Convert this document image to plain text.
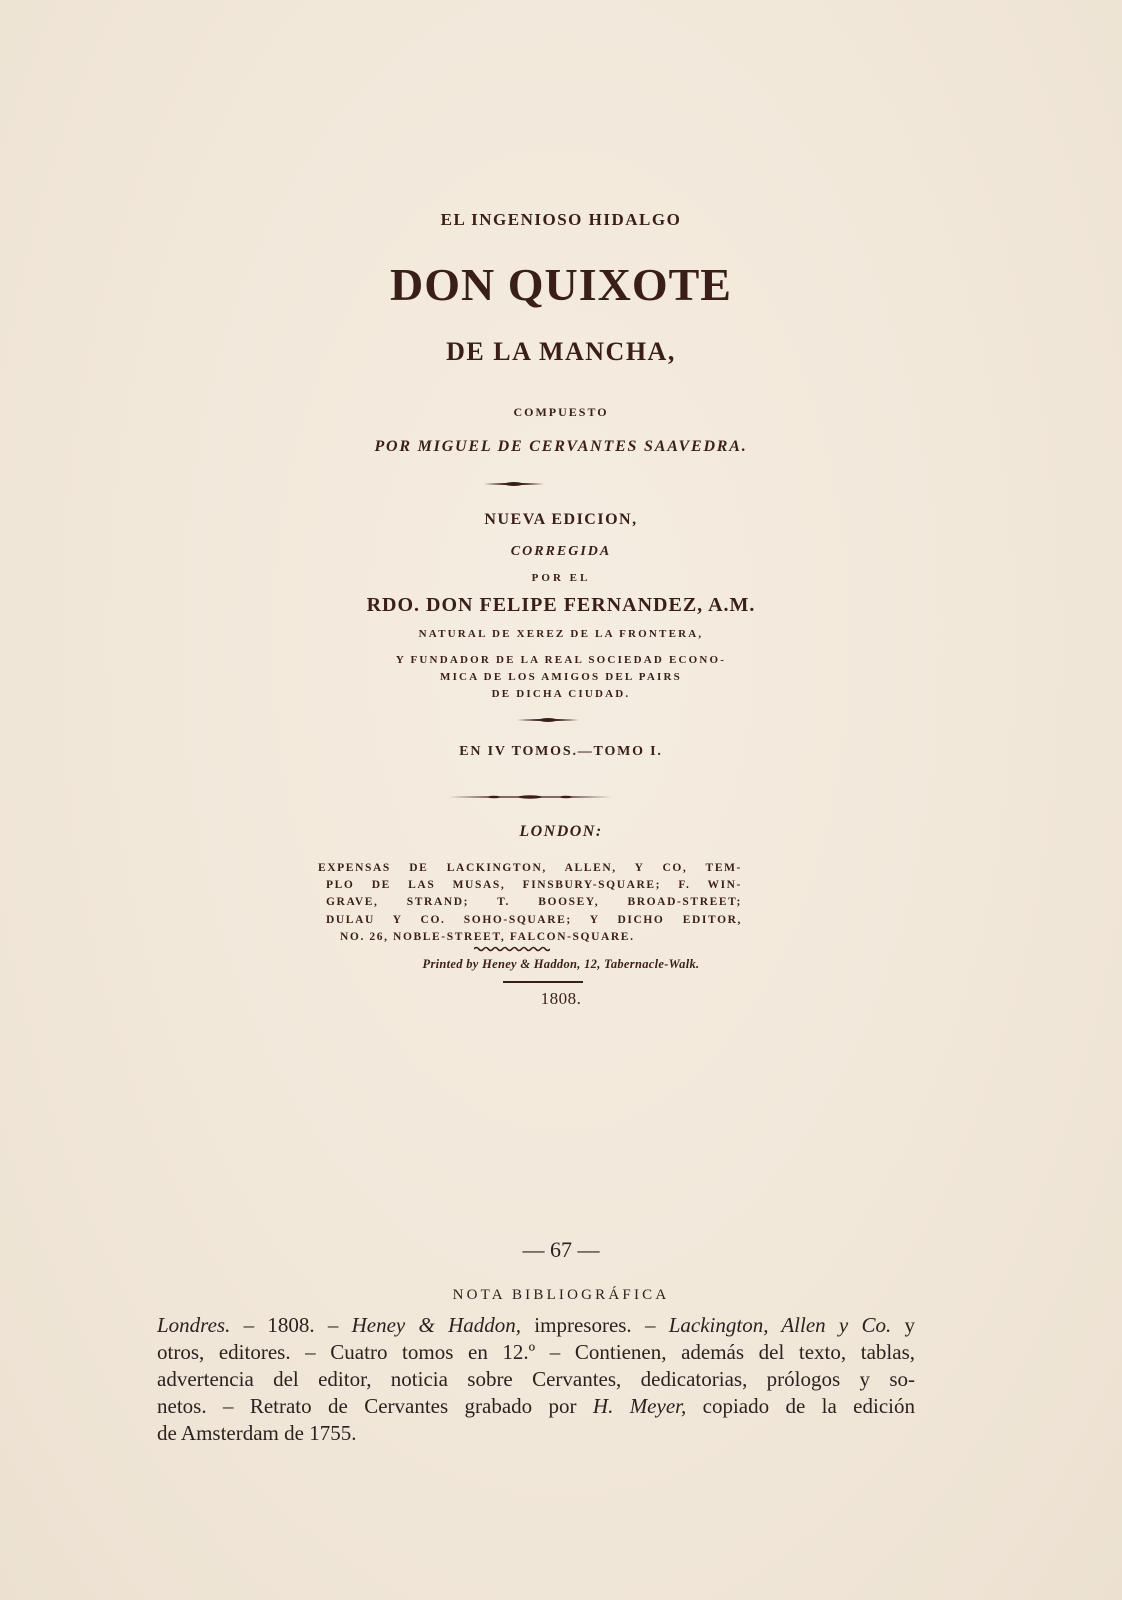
EL INGENIOSO HIDALGO
DON QUIXOTE
DE LA MANCHA,
COMPUESTO
POR MIGUEL DE CERVANTES SAAVEDRA.
NUEVA EDICION,
CORREGIDA
POR EL
RDO. DON FELIPE FERNANDEZ, A.M.
NATURAL DE XEREZ DE LA FRONTERA,
Y FUNDADOR DE LA REAL SOCIEDAD ECONO-
MICA DE LOS AMIGOS DEL PAIRS
DE DICHA CIUDAD.
EN IV TOMOS.—TOMO I.
LONDON:
EXPENSAS DE LACKINGTON, ALLEN, Y CO, TEM-
PLO DE LAS MUSAS, FINSBURY-SQUARE; F. WIN-
GRAVE, STRAND; T. BOOSEY, BROAD-STREET;
DULAU Y CO. SOHO-SQUARE; Y DICHO EDITOR,
NO. 26, NOBLE-STREET, FALCON-SQUARE.
Printed by Heney & Haddon, 12, Tabernacle-Walk.
1808.
— 67 —
NOTA BIBLIOGRÁFICA
Londres. – 1808. – Heney & Haddon, impresores. – Lackington, Allen y Co. y
otros, editores. – Cuatro tomos en 12.º – Contienen, además del texto, tablas,
advertencia del editor, noticia sobre Cervantes, dedicatorias, prólogos y so-
netos. – Retrato de Cervantes grabado por H. Meyer, copiado de la edición
de Amsterdam de 1755.
